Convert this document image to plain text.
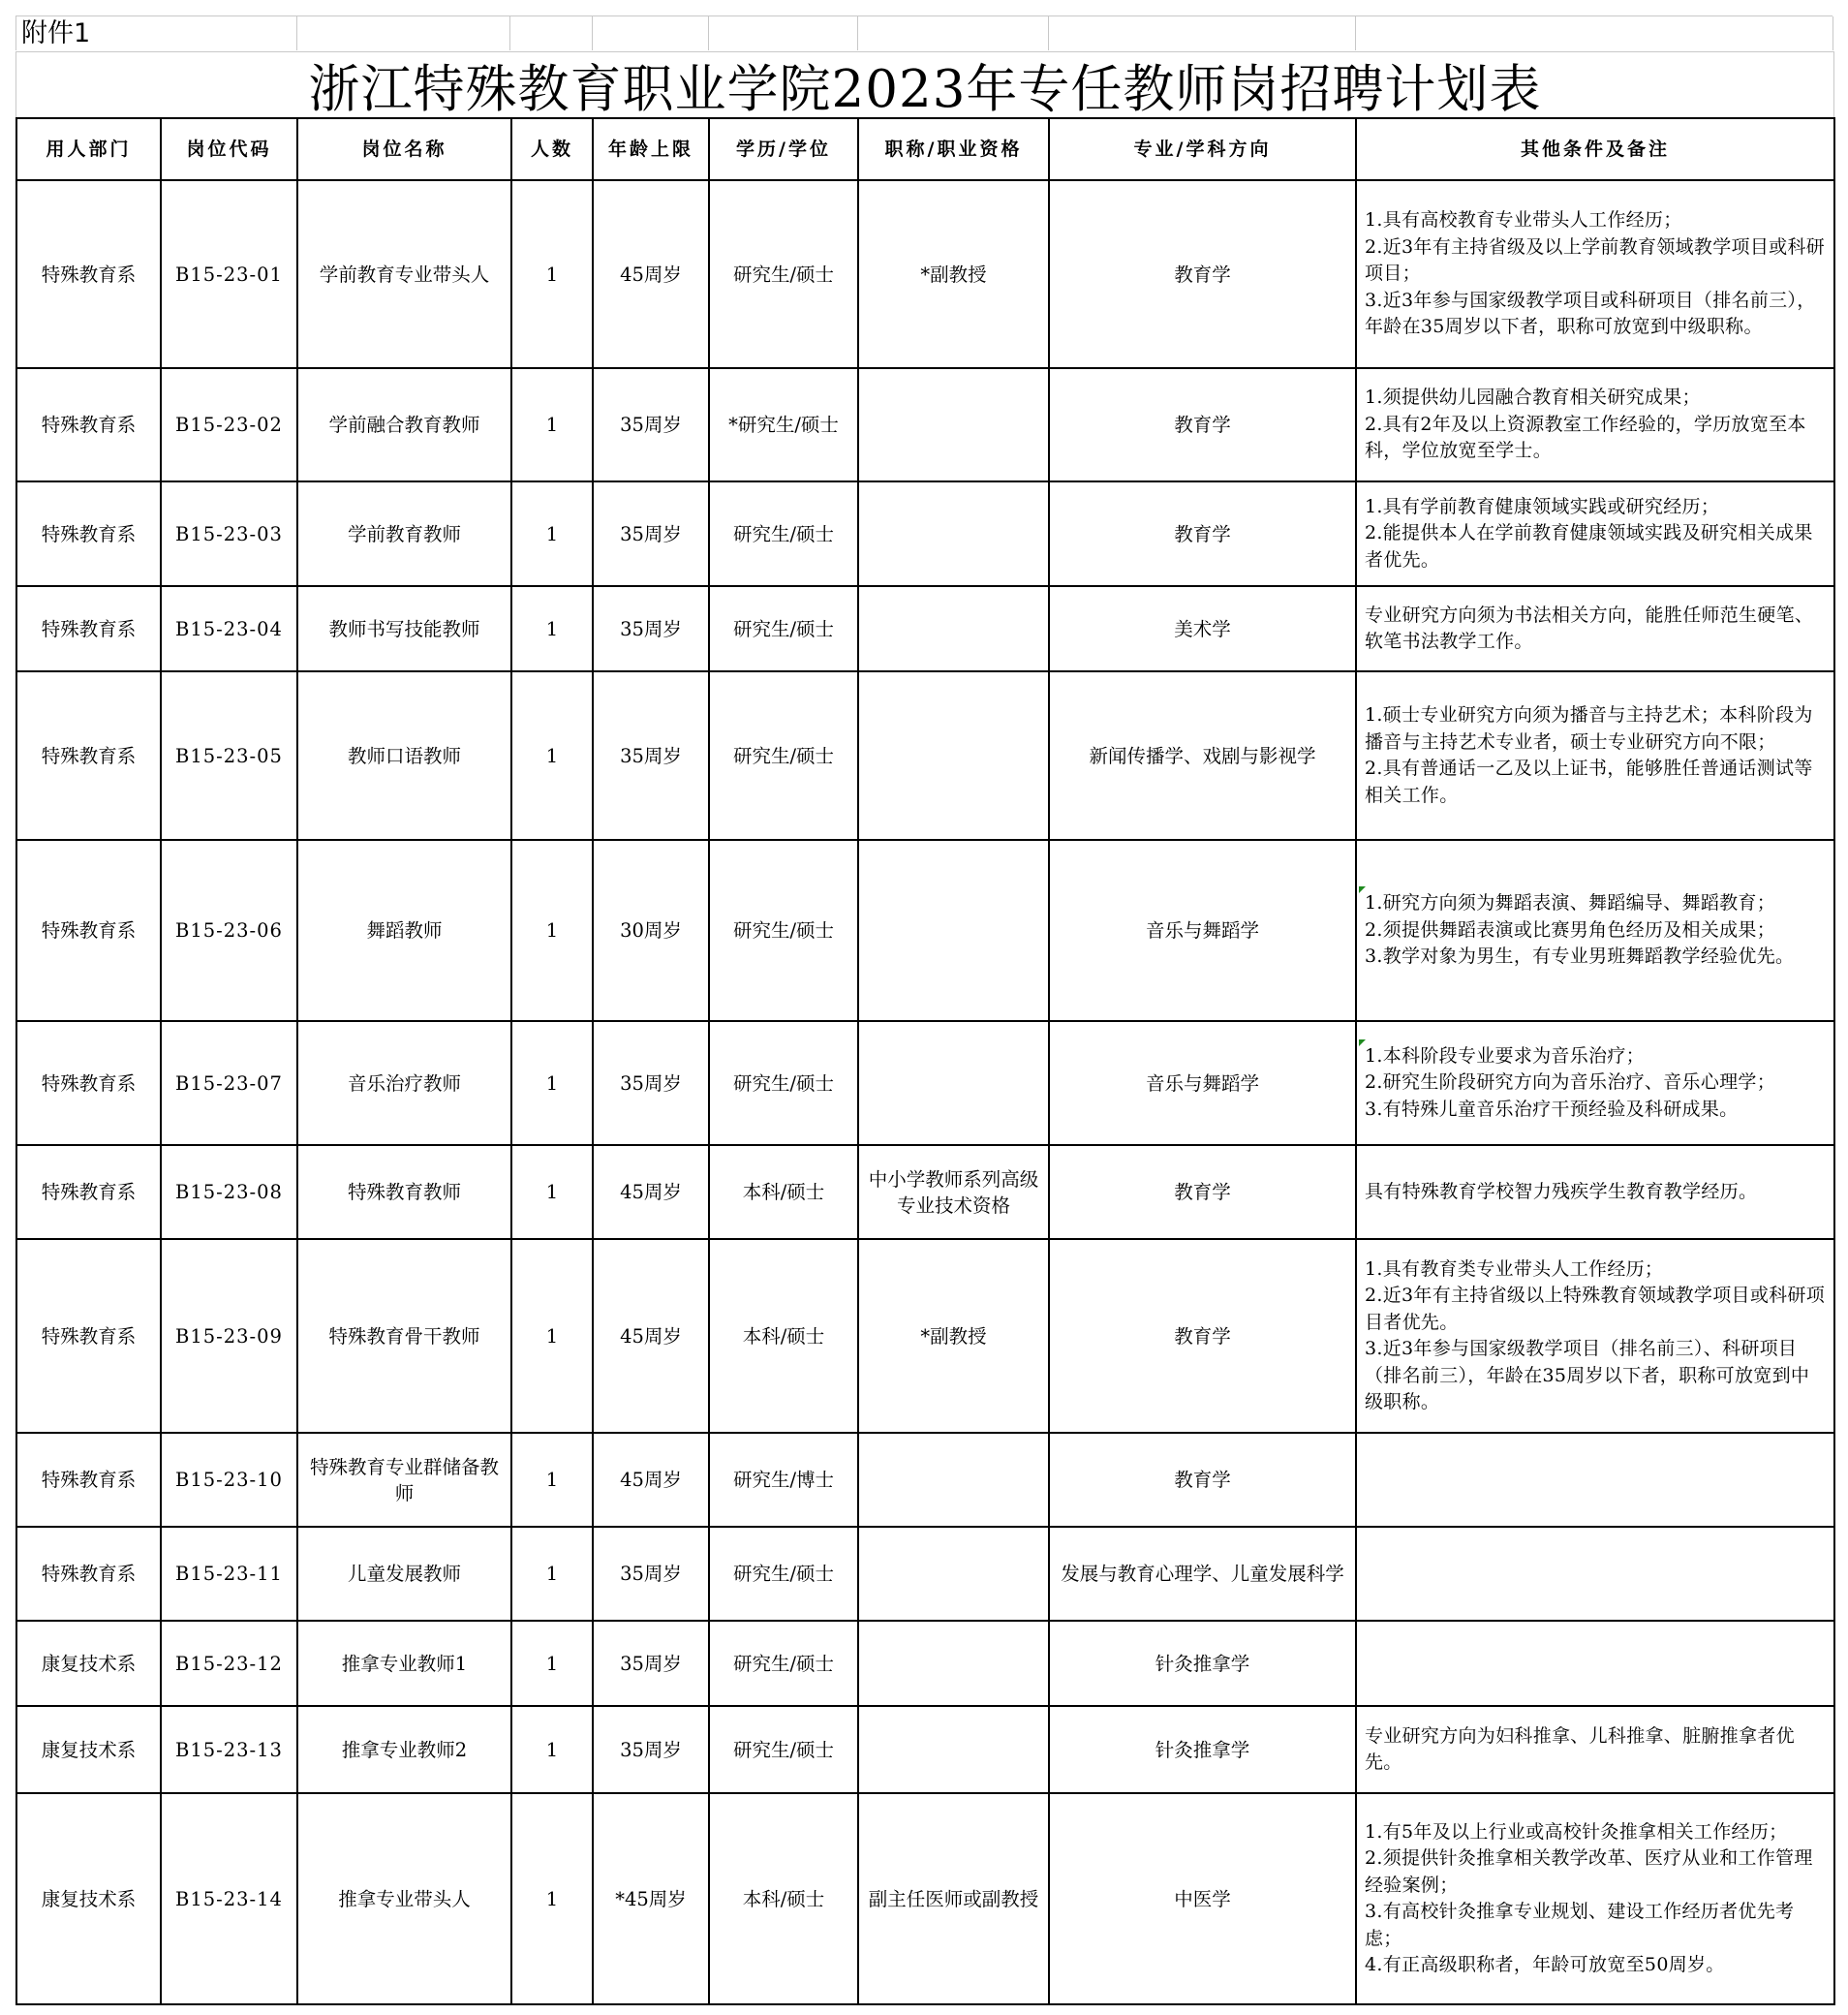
附件1
浙江特殊教育职业学院2023年专任教师岗招聘计划表
用人部门	岗位代码	岗位名称	人数	年龄上限	学历/学位	职称/职业资格	专业/学科方向	其他条件及备注
特殊教育系	B15-23-01	学前教育专业带头人	1	45周岁	研究生/硕士	*副教授	教育学	1.具有高校教育专业带头人工作经历；
2.近3年有主持省级及以上学前教育领域教学项目或科研项目；
3.近3年参与国家级教学项目或科研项目（排名前三），年龄在35周岁以下者，职称可放宽到中级职称。

特殊教育系	B15-23-02	学前融合教育教师	1	35周岁	*研究生/硕士		教育学	1.须提供幼儿园融合教育相关研究成果；
2.具有2年及以上资源教室工作经验的，学历放宽至本科，学位放宽至学士。

特殊教育系	B15-23-03	学前教育教师	1	35周岁	研究生/硕士		教育学	1.具有学前教育健康领域实践或研究经历；
2.能提供本人在学前教育健康领域实践及研究相关成果者优先。

特殊教育系	B15-23-04	教师书写技能教师	1	35周岁	研究生/硕士		美术学	专业研究方向须为书法相关方向，能胜任师范生硬笔、软笔书法教学工作。

特殊教育系	B15-23-05	教师口语教师	1	35周岁	研究生/硕士		新闻传播学、戏剧与影视学	1.硕士专业研究方向须为播音与主持艺术；本科阶段为播音与主持艺术专业者，硕士专业研究方向不限；
2.具有普通话一乙及以上证书，能够胜任普通话测试等相关工作。

特殊教育系	B15-23-06	舞蹈教师	1	30周岁	研究生/硕士		音乐与舞蹈学	1.研究方向须为舞蹈表演、舞蹈编导、舞蹈教育；
2.须提供舞蹈表演或比赛男角色经历及相关成果；
3.教学对象为男生，有专业男班舞蹈教学经验优先。

特殊教育系	B15-23-07	音乐治疗教师	1	35周岁	研究生/硕士		音乐与舞蹈学	1.本科阶段专业要求为音乐治疗；
2.研究生阶段研究方向为音乐治疗、音乐心理学；
3.有特殊儿童音乐治疗干预经验及科研成果。

特殊教育系	B15-23-08	特殊教育教师	1	45周岁	本科/硕士	中小学教师系列高级专业技术资格	教育学	具有特殊教育学校智力残疾学生教育教学经历。

特殊教育系	B15-23-09	特殊教育骨干教师	1	45周岁	本科/硕士	*副教授	教育学	1.具有教育类专业带头人工作经历；
2.近3年有主持省级以上特殊教育领域教学项目或科研项目者优先。
3.近3年参与国家级教学项目（排名前三）、科研项目（排名前三），年龄在35周岁以下者，职称可放宽到中级职称。

特殊教育系	B15-23-10	特殊教育专业群储备教师	1	45周岁	研究生/博士		教育学	
特殊教育系	B15-23-11	儿童发展教师	1	35周岁	研究生/硕士		发展与教育心理学、儿童发展科学	
康复技术系	B15-23-12	推拿专业教师1	1	35周岁	研究生/硕士		针灸推拿学	
康复技术系	B15-23-13	推拿专业教师2	1	35周岁	研究生/硕士		针灸推拿学	专业研究方向为妇科推拿、儿科推拿、脏腑推拿者优先。

康复技术系	B15-23-14	推拿专业带头人	1	*45周岁	本科/硕士	副主任医师或副教授	中医学	1.有5年及以上行业或高校针灸推拿相关工作经历；
2.须提供针灸推拿相关教学改革、医疗从业和工作管理经验案例；
3.有高校针灸推拿专业规划、建设工作经历者优先考虑；
4.有正高级职称者，年龄可放宽至50周岁。
